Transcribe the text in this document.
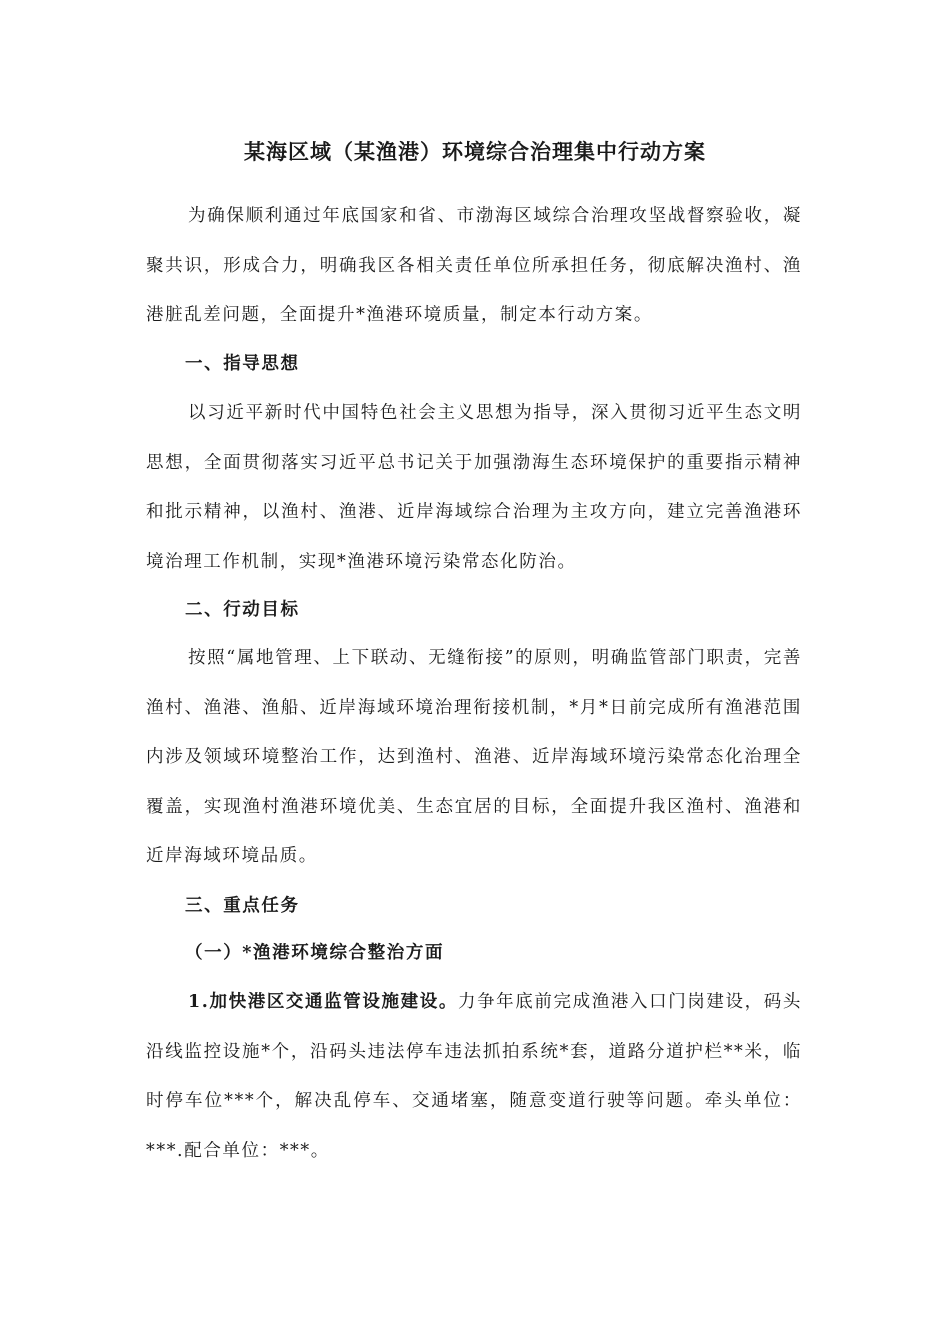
某海区域（某渔港）环境综合治理集中行动方案

为确保顺利通过年底国家和省、市渤海区域综合治理攻坚战督察验收，凝聚共识，形成合力，明确我区各相关责任单位所承担任务，彻底解决渔村、渔港脏乱差问题，全面提升*渔港环境质量，制定本行动方案。

一、指导思想

以习近平新时代中国特色社会主义思想为指导，深入贯彻习近平生态文明思想，全面贯彻落实习近平总书记关于加强渤海生态环境保护的重要指示精神和批示精神，以渔村、渔港、近岸海域综合治理为主攻方向，建立完善渔港环境治理工作机制，实现*渔港环境污染常态化防治。

二、行动目标

按照“属地管理、上下联动、无缝衔接”的原则，明确监管部门职责，完善渔村、渔港、渔船、近岸海域环境治理衔接机制，*月*日前完成所有渔港范围内涉及领域环境整治工作，达到渔村、渔港、近岸海域环境污染常态化治理全覆盖，实现渔村渔港环境优美、生态宜居的目标，全面提升我区渔村、渔港和近岸海域环境品质。

三、重点任务
（一）*渔港环境综合整治方面

1.加快港区交通监管设施建设。力争年底前完成渔港入口门岗建设，码头沿线监控设施*个，沿码头违法停车违法抓拍系统*套，道路分道护栏**米，临时停车位***个，解决乱停车、交通堵塞，随意变道行驶等问题。牵头单位：***.配合单位：***。
